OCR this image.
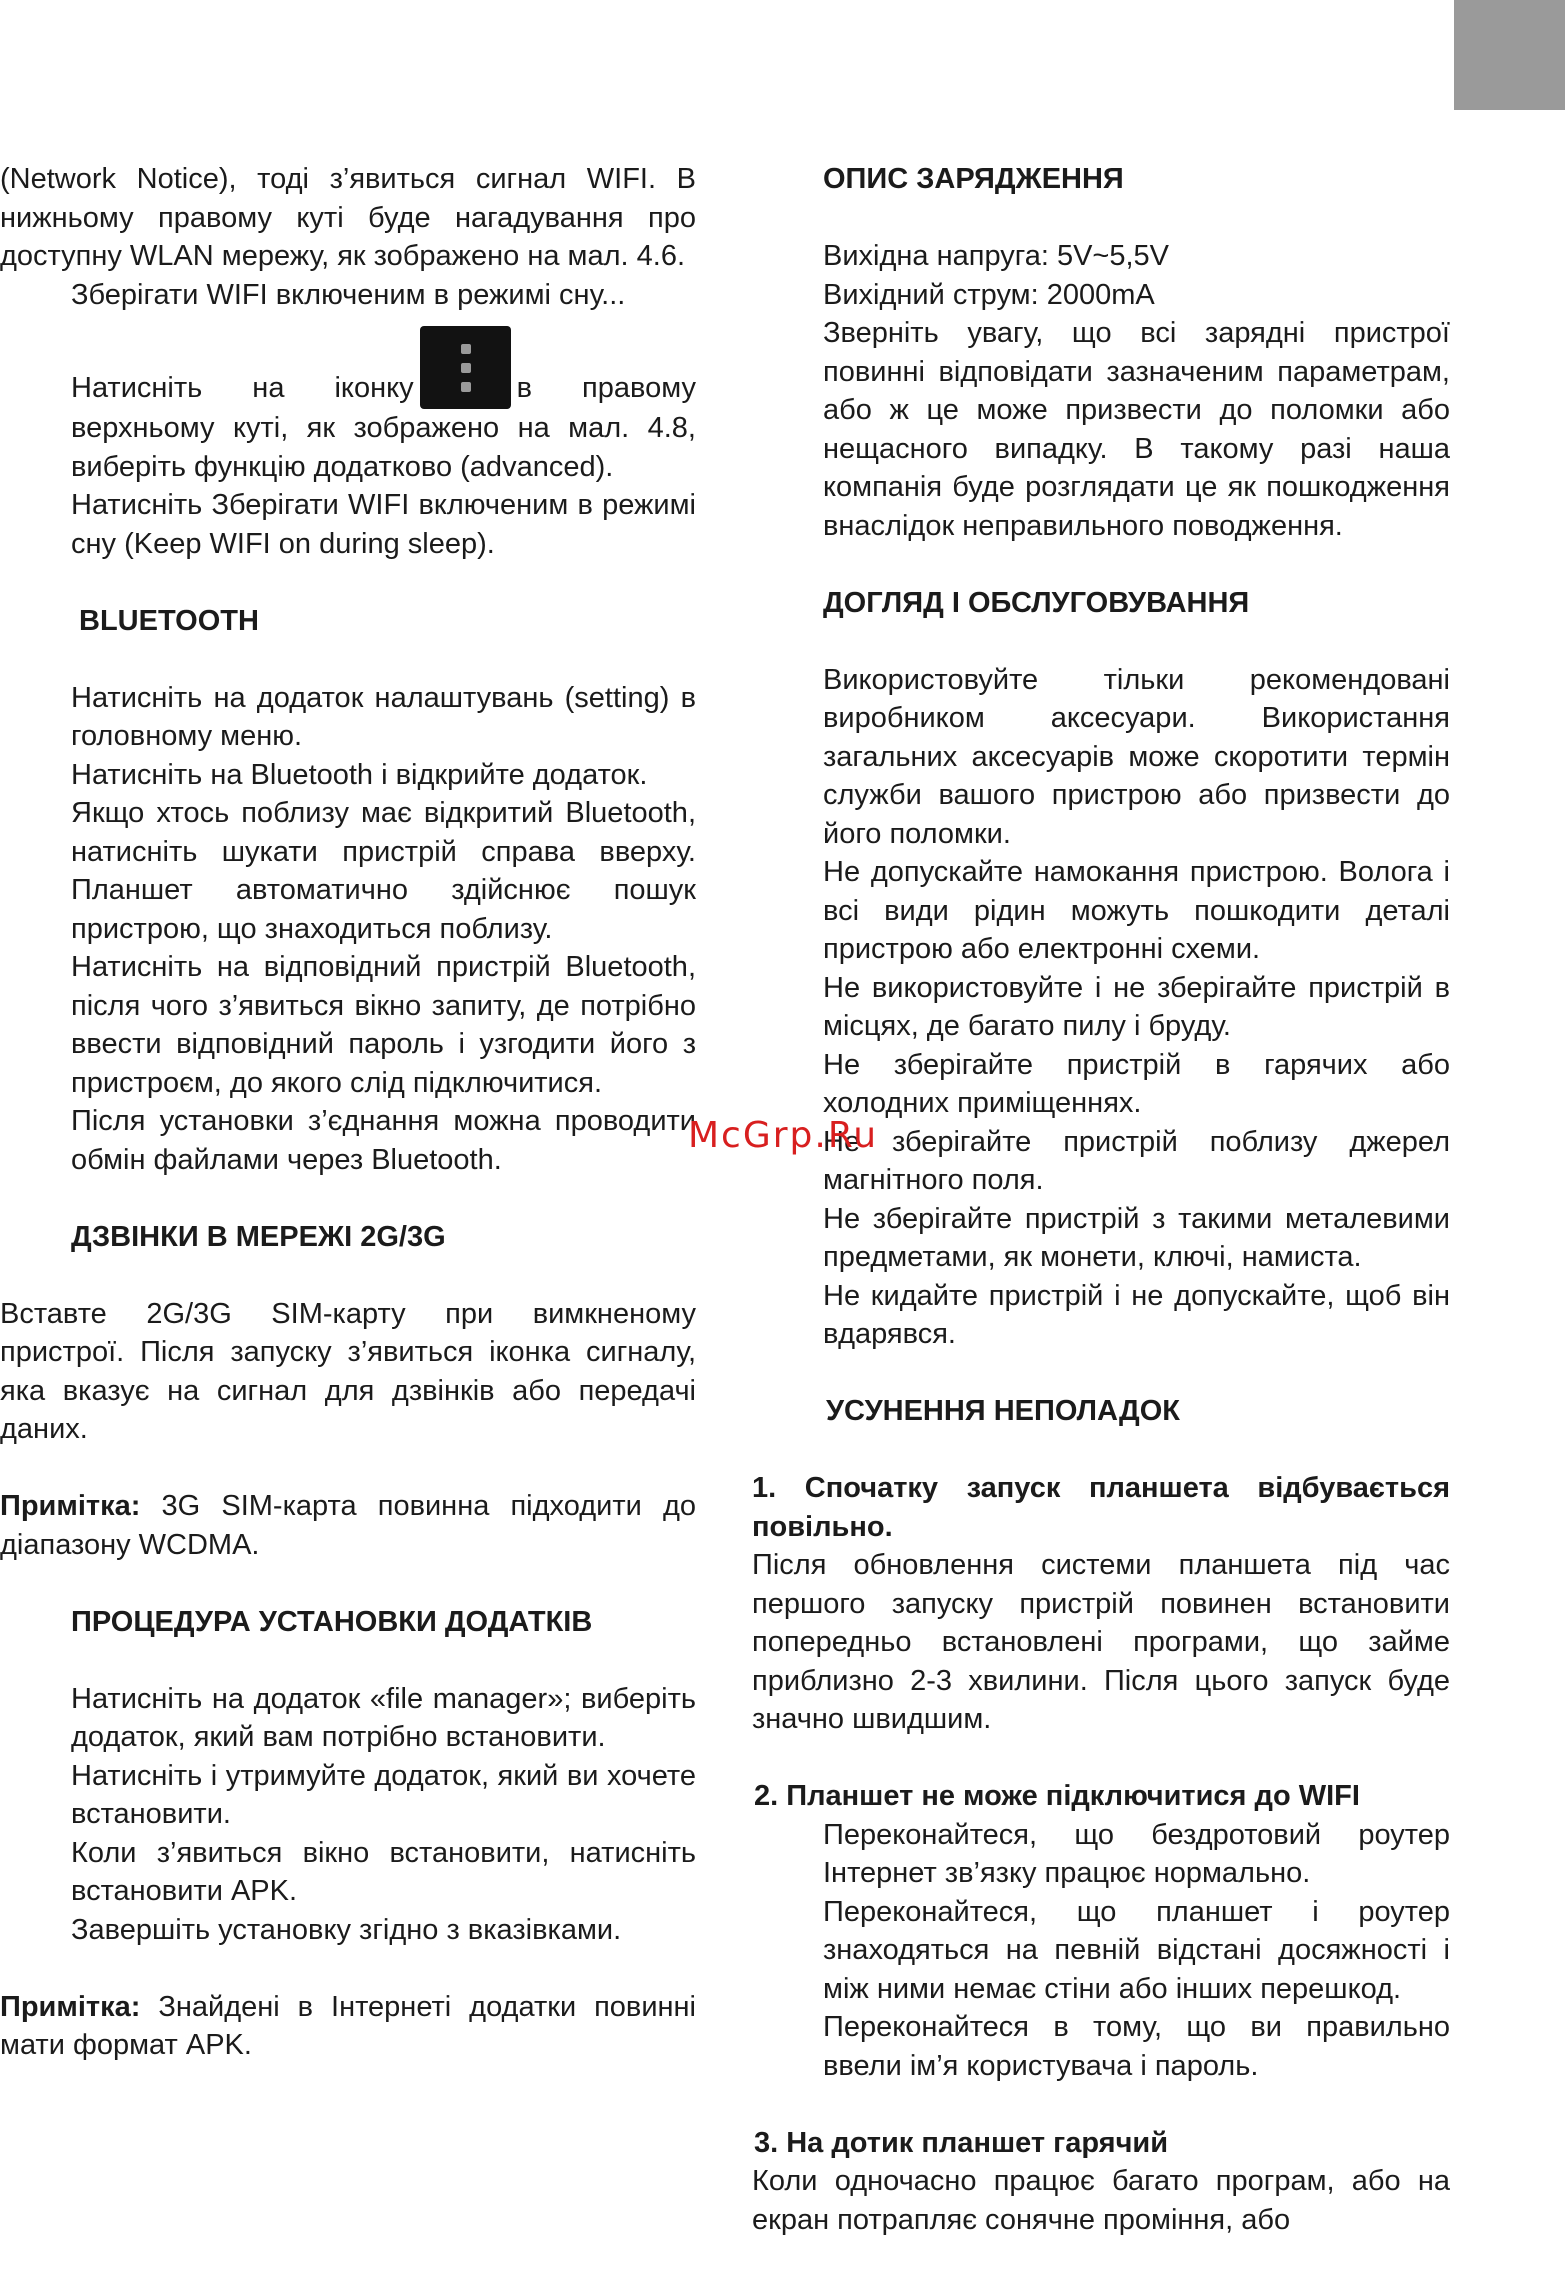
(Network Notice), тоді з’явиться сигнал WIFI. В нижньому правому куті буде нагадування про доступну WLAN мережу, як зображено на мал. 4.6.

Зберігати WIFI включеним в режимі сну...

Натисніть на іконку	в правому верхньому куті, як зображено на мал. 4.8, виберіть функцію додатково (advanced).

Натисніть Зберігати WIFI включеним в режимі сну (Keep WIFI on during sleep).

BLUETOOTH

Натисніть на додаток налаштувань (setting) в головному меню.

Натисніть на Bluetooth і відкрийте додаток.

Якщо хтось поблизу має відкритий Bluetooth, натисніть шукати пристрій справа вверху. Планшет автоматично здійснює пошук пристрою, що знаходиться поблизу.

Натисніть на відповідний пристрій Bluetooth, після чого з’явиться вікно запиту, де потрібно ввести відповідний пароль і узгодити його з пристроєм, до якого слід підключитися.

Після установки з’єднання можна проводити обмін файлами через Bluetooth.

ДЗВІНКИ В МЕРЕЖІ 2G/3G

Вставте 2G/3G SIM-карту при вимкненому пристрої. Після запуску з’явиться іконка сигналу, яка вказує на сигнал для дзвінків або передачі даних.

Примітка: 3G SIM-карта повинна підходити до діапазону WCDMA.

ПРОЦЕДУРА УСТАНОВКИ ДОДАТКІВ

Натисніть на додаток «file manager»; виберіть додаток, який вам потрібно встановити.

Натисніть і утримуйте додаток, який ви хочете встановити.

Коли з’явиться вікно встановити, натисніть встановити APK.

Завершіть установку згідно з вказівками.

Примітка: Знайдені в Інтернеті додатки повинні мати формат APK.

ОПИС ЗАРЯДЖЕННЯ

Вихідна напруга: 5V~5,5V

Вихідний струм: 2000mA

Зверніть увагу, що всі зарядні пристрої повинні відповідати зазначеним параметрам, або ж це може призвести до поломки або нещасного випадку. В такому разі наша компанія буде розглядати це як пошкодження внаслідок неправильного поводження.

ДОГЛЯД І ОБСЛУГОВУВАННЯ

Використовуйте тільки рекомендовані виробником аксесуари. Використання загальних аксесуарів може скоротити термін служби вашого пристрою або призвести до його поломки.

Не допускайте намокання пристрою. Волога і всі види рідин можуть пошкодити деталі пристрою або електронні схеми.

Не використовуйте і не зберігайте пристрій в місцях, де багато пилу і бруду.

Не зберігайте пристрій в гарячих або холодних приміщеннях.

Не зберігайте пристрій поблизу джерел магнітного поля.

Не зберігайте пристрій з такими металевими предметами, як монети, ключі, намиста.

Не кидайте пристрій і не допускайте, щоб він вдарявся.

УСУНЕННЯ НЕПОЛАДОК

1. Спочатку запуск планшета відбувається повільно.

Після обновлення системи планшета під час першого запуску пристрій повинен встановити попередньо встановлені програми, що займе приблизно 2-3 хвилини. Після цього запуск буде значно швидшим.

2. Планшет не може підключитися до WIFI

Переконайтеся, що бездротовий роутер Інтернет зв’язку працює нормально.

Переконайтеся, що планшет і роутер знаходяться на певній відстані досяжності і між ними немає стіни або інших перешкод.

Переконайтеся в тому, що ви правильно ввели ім’я користувача і пароль.

3. На дотик планшет гарячий

Коли одночасно працює багато програм, або на екран потрапляє сонячне проміння, або

McGrp.Ru
